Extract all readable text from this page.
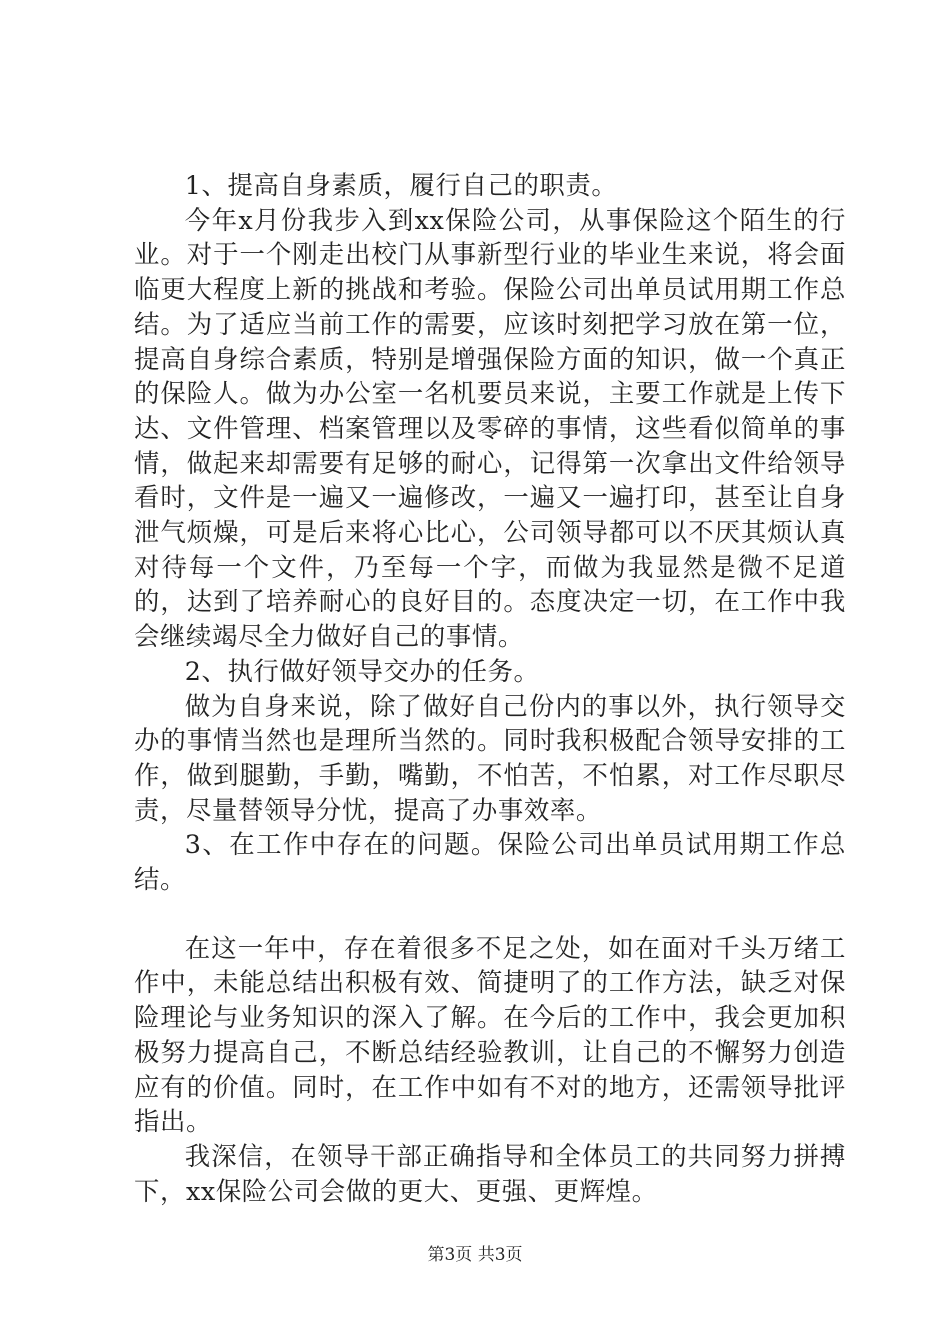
1、提高自身素质，履行自己的职责。

今年x月份我步入到xx保险公司，从事保险这个陌生的行业。对于一个刚走出校门从事新型行业的毕业生来说，将会面临更大程度上新的挑战和考验。保险公司出单员试用期工作总结。为了适应当前工作的需要，应该时刻把学习放在第一位，提高自身综合素质，特别是增强保险方面的知识，做一个真正的保险人。做为办公室一名机要员来说，主要工作就是上传下达、文件管理、档案管理以及零碎的事情，这些看似简单的事情，做起来却需要有足够的耐心，记得第一次拿出文件给领导看时，文件是一遍又一遍修改，一遍又一遍打印，甚至让自身泄气烦燥，可是后来将心比心，公司领导都可以不厌其烦认真对待每一个文件，乃至每一个字，而做为我显然是微不足道的，达到了培养耐心的良好目的。态度决定一切，在工作中我会继续竭尽全力做好自己的事情。

2、执行做好领导交办的任务。

做为自身来说，除了做好自己份内的事以外，执行领导交办的事情当然也是理所当然的。同时我积极配合领导安排的工作，做到腿勤，手勤，嘴勤，不怕苦，不怕累，对工作尽职尽责，尽量替领导分忧，提高了办事效率。

3、在工作中存在的问题。保险公司出单员试用期工作总结。

在这一年中，存在着很多不足之处，如在面对千头万绪工作中，未能总结出积极有效、简捷明了的工作方法，缺乏对保险理论与业务知识的深入了解。在今后的工作中，我会更加积极努力提高自己，不断总结经验教训，让自己的不懈努力创造应有的价值。同时，在工作中如有不对的地方，还需领导批评指出。

我深信，在领导干部正确指导和全体员工的共同努力拼搏下，xx保险公司会做的更大、更强、更辉煌。

第3页 共3页
